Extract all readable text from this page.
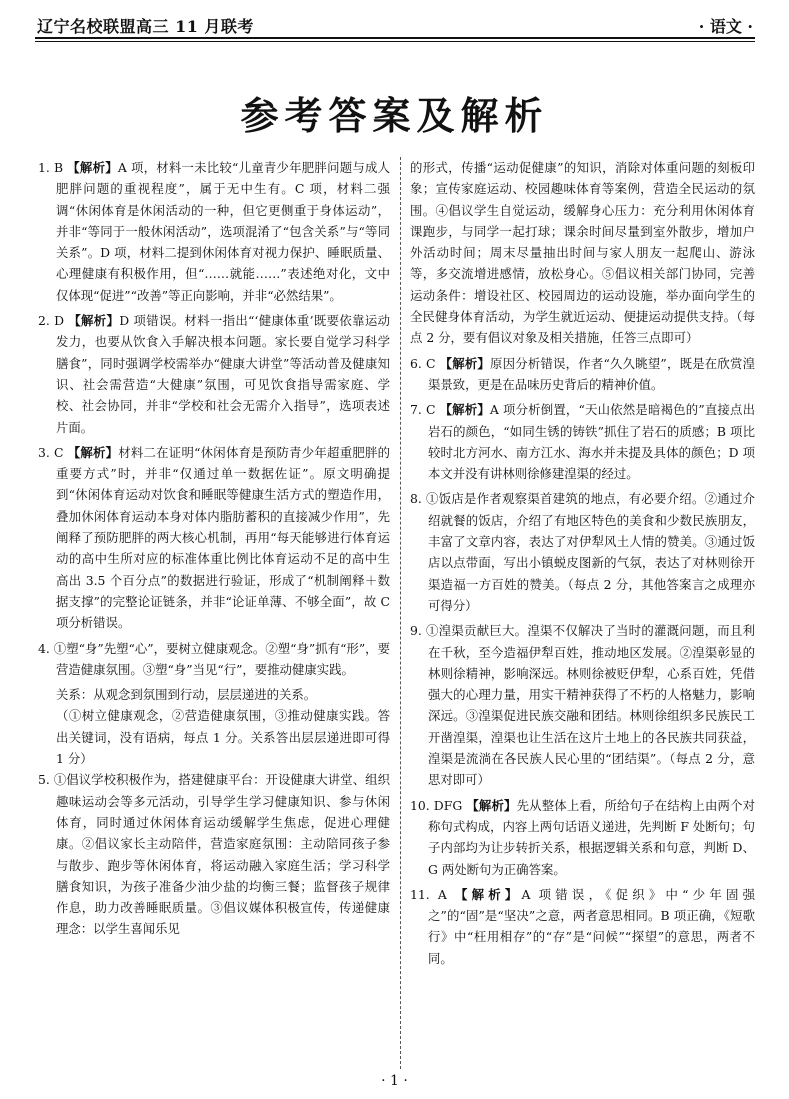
辽宁名校联盟高三 11 月联考	· 语文 ·
参考答案及解析

1. B 【解析】A 项，材料一未比较“儿童青少年肥胖问题与成人肥胖问题的重视程度”，属于无中生有。C 项，材料二强调“休闲体育是休闲活动的一种，但它更侧重于身体运动”，并非“等同于一般休闲活动”，选项混淆了“包含关系”与“等同关系”。D 项，材料二提到休闲体育对视力保护、睡眠质量、心理健康有积极作用，但“……就能……”表述绝对化，文中仅体现“促进”“改善”等正向影响，并非“必然结果”。

2. D 【解析】D 项错误。材料一指出“‘健康体重’既要依靠运动发力，也要从饮食入手解决根本问题。家长要自觉学习科学膳食”，同时强调学校需举办“健康大讲堂”等活动普及健康知识、社会需营造“大健康”氛围，可见饮食指导需家庭、学校、社会协同，并非“学校和社会无需介入指导”，选项表述片面。

3. C 【解析】材料二在证明“休闲体育是预防青少年超重肥胖的重要方式”时，并非“仅通过单一数据佐证”。原文明确提到“休闲体育运动对饮食和睡眠等健康生活方式的塑造作用，叠加休闲体育运动本身对体内脂肪蓄积的直接减少作用”，先阐释了预防肥胖的两大核心机制，再用“每天能够进行体育运动的高中生所对应的标准体重比例比体育运动不足的高中生高出 3.5 个百分点”的数据进行验证，形成了“机制阐释＋数据支撑”的完整论证链条，并非“论证单薄、不够全面”，故 C 项分析错误。

4. ①塑“身”先塑“心”，要树立健康观念。②塑“身”抓有“形”，要营造健康氛围。③塑“身”当见“行”，要推动健康实践。

关系：从观念到氛围到行动，层层递进的关系。

（①树立健康观念，②营造健康氛围，③推动健康实践。答出关键词，没有语病，每点 1 分。关系答出层层递进即可得 1 分）

5. ①倡议学校积极作为，搭建健康平台：开设健康大讲堂、组织趣味运动会等多元活动，引导学生学习健康知识、参与休闲体育，同时通过休闲体育运动缓解学生焦虑，促进心理健康。②倡议家长主动陪伴，营造家庭氛围：主动陪同孩子参与散步、跑步等休闲体育，将运动融入家庭生活；学习科学膳食知识，为孩子准备少油少盐的均衡三餐；监督孩子规律作息，助力改善睡眠质量。③倡议媒体积极宣传，传递健康理念：以学生喜闻乐见

的形式，传播“运动促健康”的知识，消除对体重问题的刻板印象；宣传家庭运动、校园趣味体育等案例，营造全民运动的氛围。④倡议学生自觉运动，缓解身心压力：充分利用休闲体育课跑步，与同学一起打球；课余时间尽量到室外散步，增加户外活动时间；周末尽量抽出时间与家人朋友一起爬山、游泳等，多交流增进感情，放松身心。⑤倡议相关部门协同，完善运动条件：增设社区、校园周边的运动设施，举办面向学生的全民健身体育活动，为学生就近运动、便捷运动提供支持。（每点 2 分，要有倡议对象及相关措施，任答三点即可）

6. C 【解析】原因分析错误，作者“久久眺望”，既是在欣赏湟渠景致，更是在品味历史背后的精神价值。

7. C 【解析】A 项分析倒置，“天山依然是暗褐色的”直接点出岩石的颜色，“如同生锈的铸铁”抓住了岩石的质感；B 项比较时北方河水、南方江水、海水并未提及具体的颜色；D 项本文并没有讲林则徐修建湟渠的经过。

8. ①饭店是作者观察渠首建筑的地点，有必要介绍。②通过介绍就餐的饭店，介绍了有地区特色的美食和少数民族朋友，丰富了文章内容，表达了对伊犁风土人情的赞美。③通过饭店以点带面，写出小镇蜕皮图新的气氛，表达了对林则徐开渠造福一方百姓的赞美。（每点 2 分，其他答案言之成理亦可得分）

9. ①湟渠贡献巨大。湟渠不仅解决了当时的灌溉问题，而且利在千秋，至今造福伊犁百姓，推动地区发展。②湟渠彰显的林则徐精神，影响深远。林则徐被贬伊犁，心系百姓，凭借强大的心理力量，用实干精神获得了不朽的人格魅力，影响深远。③湟渠促进民族交融和团结。林则徐组织多民族民工开凿湟渠，湟渠也让生活在这片土地上的各民族共同获益，湟渠是流淌在各民族人民心里的“团结渠”。（每点 2 分，意思对即可）

10. DFG 【解析】先从整体上看，所给句子在结构上由两个对称句式构成，内容上两句话语义递进，先判断 F 处断句；句子内部均为让步转折关系，根据逻辑关系和句意，判断 D、G 两处断句为正确答案。

11. A 【解析】A 项错误，《促织》中“少年固强之”的“固”是“坚决”之意，两者意思相同。B 项正确，《短歌行》中“枉用相存”的“存”是“问候”“探望”的意思，两者不同。

· 1 ·
